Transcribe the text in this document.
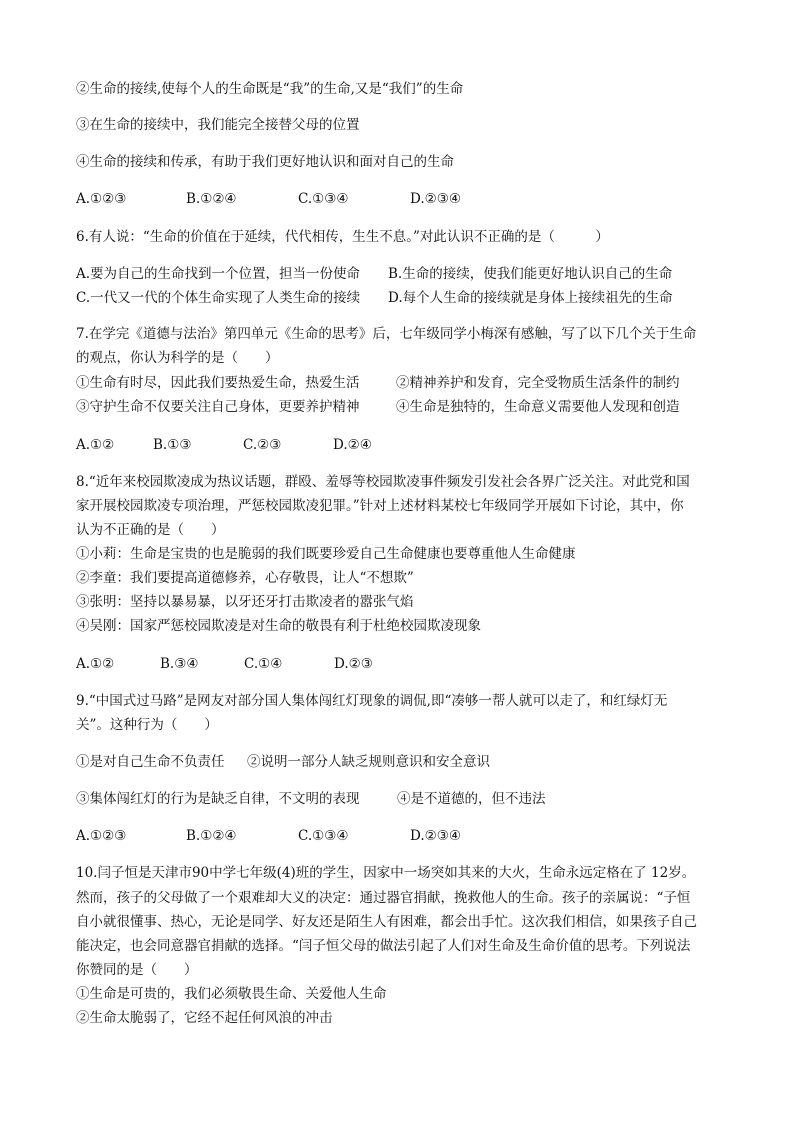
②生命的接续,使每个人的生命既是“我”的生命,又是“我们”的生命
③在生命的接续中，我们能完全接替父母的位置
④生命的接续和传承，有助于我们更好地认识和面对自己的生命
A.①②③	B.①②④	C.①③④	D.②③④
6.有人说：“生命的价值在于延续，代代相传，生生不息。”对此认识不正确的是（　　　）
A.要为自己的生命找到一个位置，担当一份使命 B.生命的接续，使我们能更好地认识自己的生命
C.一代又一代的个体生命实现了人类生命的接续 D.每个人生命的接续就是身体上接续祖先的生命
7.在学完《道德与法治》第四单元《生命的思考》后，七年级同学小梅深有感触，写了以下几个关于生命
的观点，你认为科学的是（　　）
①生命有时尽，因此我们要热爱生命，热爱生活	②精神养护和发育，完全受物质生活条件的制约
③守护生命不仅要关注自己身体，更要养护精神	④生命是独特的，生命意义需要他人发现和创造
A.①②	B.①③	C.②③	D.②④
8.“近年来校园欺凌成为热议话题，群殴、羞辱等校园欺凌事件频发引发社会各界广泛关注。对此党和国
家开展校园欺凌专项治理，严惩校园欺凌犯罪。”针对上述材料某校七年级同学开展如下讨论，其中，你
认为不正确的是（　　）
①小莉：生命是宝贵的也是脆弱的我们既要珍爱自己生命健康也要尊重他人生命健康
②李童：我们要提高道德修养，心存敬畏，让人“不想欺”
③张明：坚持以暴易暴，以牙还牙打击欺凌者的嚣张气焰
④吴刚：国家严惩校园欺凌是对生命的敬畏有利于杜绝校园欺凌现象
A.①②	B.③④	C.①④	D.②③
9.“中国式过马路”是网友对部分国人集体闯红灯现象的调侃,即“凑够一帮人就可以走了，和红绿灯无
关”。这种行为（　　）
①是对自己生命不负责任 ②说明一部分人缺乏规则意识和安全意识
③集体闯红灯的行为是缺乏自律，不文明的表现	④是不道德的，但不违法
A.①②③	B.①②④	C.①③④	D.②③④
10.闫子恒是天津市90中学七年级(4)班的学生，因家中一场突如其来的大火，生命永远定格在了 12岁。
然而，孩子的父母做了一个艰难却大义的决定：通过器官捐献，挽救他人的生命。孩子的亲属说：“子恒
自小就很懂事、热心，无论是同学、好友还是陌生人有困难，都会出手忙。这次我们相信，如果孩子自己
能决定，也会同意器官捐献的选择。“闫子恒父母的做法引起了人们对生命及生命价值的思考。下列说法
你赞同的是（　　）
①生命是可贵的，我们必须敬畏生命、关爱他人生命
②生命太脆弱了，它经不起任何风浪的冲击
